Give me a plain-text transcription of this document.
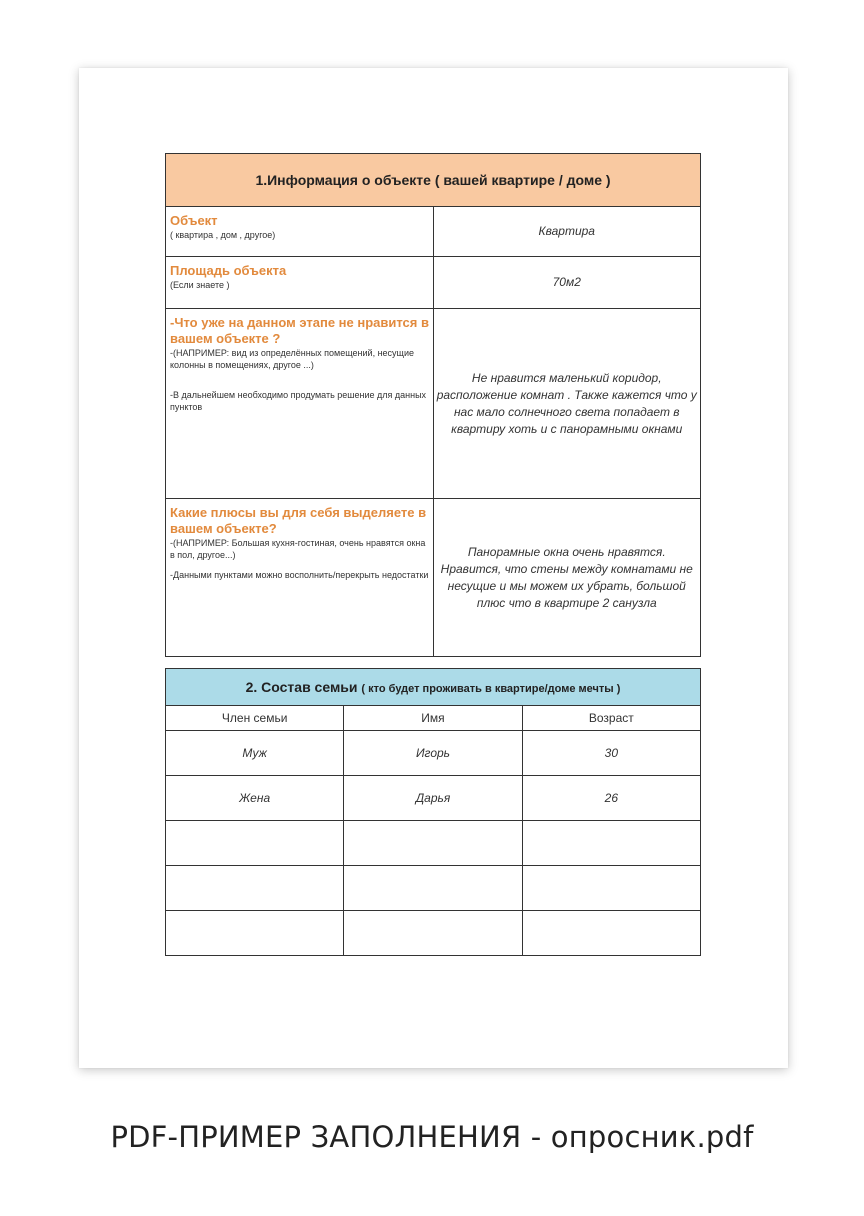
1.Информация о объекте ( вашей квартире / доме )	

Объект
( квартира , дом , другое)	Квартира

Площадь объекта
(Если знаете )	70м2

-Что уже на данном этапе не нравится в вашем объекте ?
-(НАПРИМЕР: вид из определённых помещений, несущие колонны в помещениях, другое ...)
-В дальнейшем необходимо продумать решение для данных пунктов	Не нравится маленький коридор, расположение комнат . Также кажется что у нас мало солнечного света попадает в квартиру хоть и с панорамными окнами

Какие плюсы вы для себя выделяете в вашем объекте?
-(НАПРИМЕР: Большая кухня-гостиная, очень нравятся окна в пол, другое...)
-Данными пунктами можно восполнить/перекрыть недостатки	Панорамные окна очень нравятся. Нравится, что стены между комнатами не несущие и мы можем их убрать, большой плюс что в квартире 2 санузла
2. Состав семьи ( кто будет проживать в квартире/доме мечты )		
Член семьи	Имя	Возраст
Муж	Игорь	30
Жена	Дарья	26

PDF-ПРИМЕР ЗАПОЛНЕНИЯ - опросник.pdf
